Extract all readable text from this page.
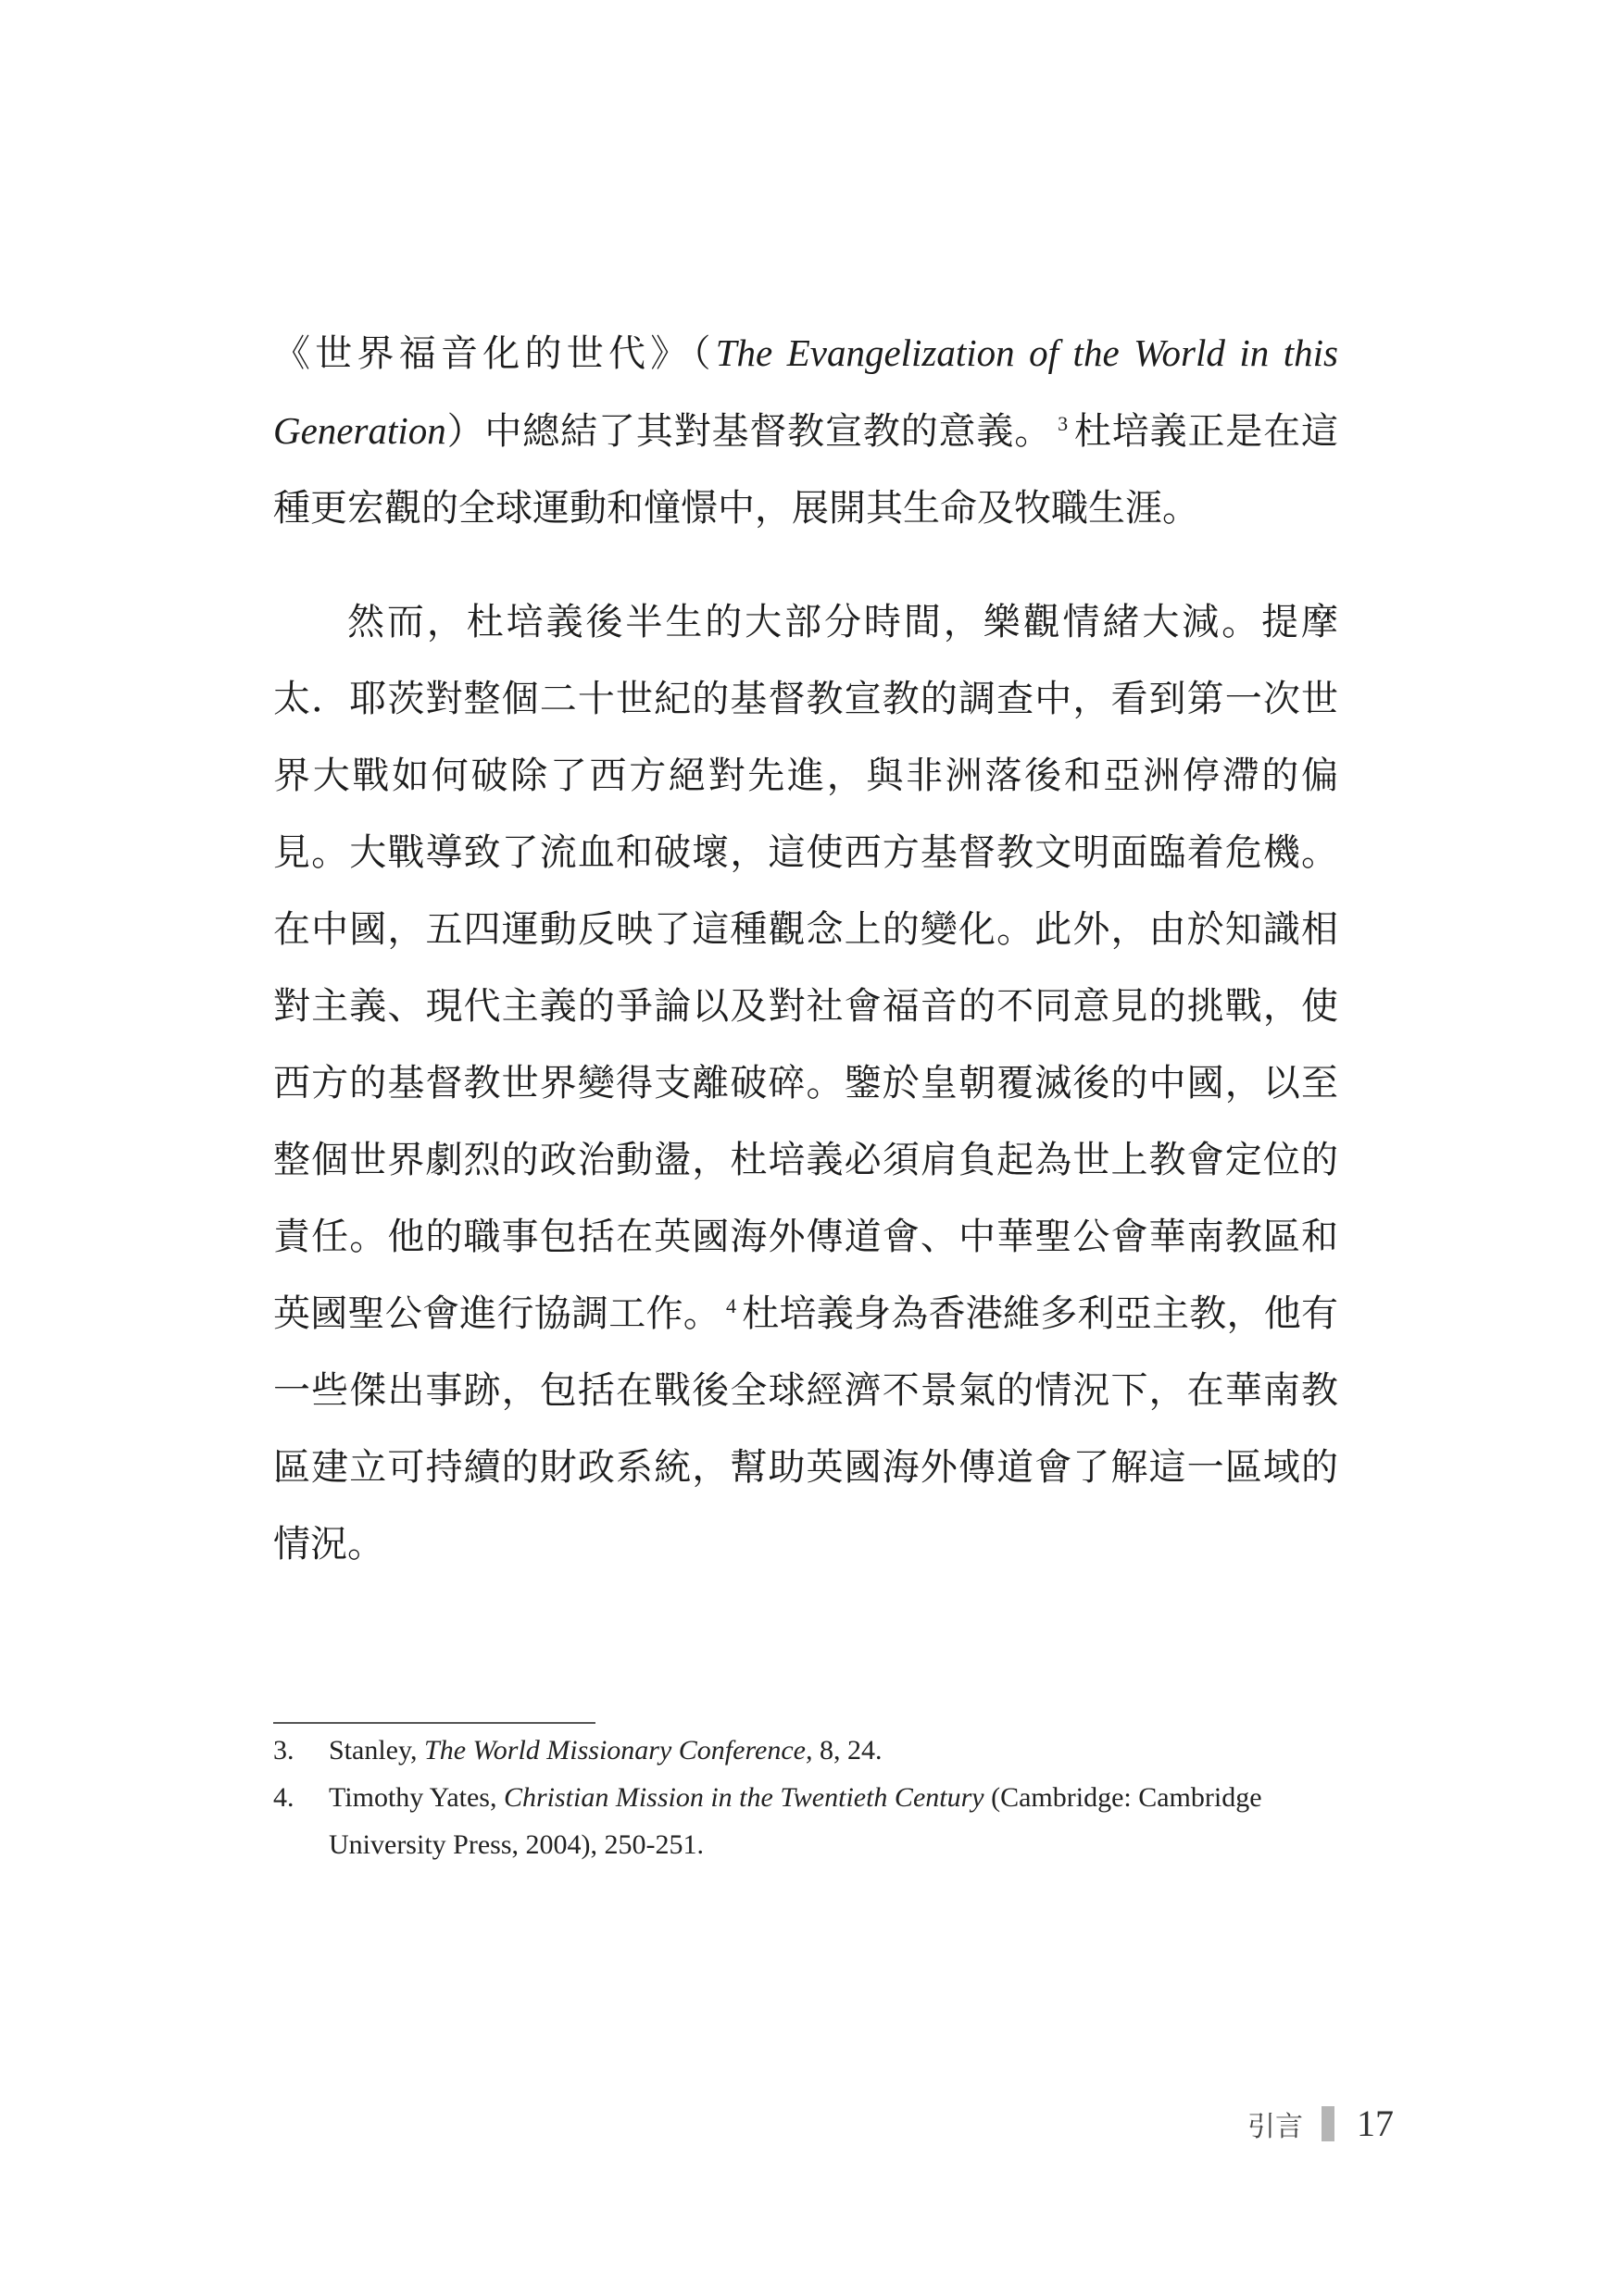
《世界福音化的世代》（The Evangelization of the World in this Generation）中總結了其對基督教宣教的意義。 $^3$ 杜培義正是在這種更宏觀的全球運動和憧憬中，展開其生命及牧職生涯。

然而，杜培義後半生的大部分時間，樂觀情緒大減。提摩太．耶茨對整個二十世紀的基督教宣教的調查中，看到第一次世界大戰如何破除了西方絕對先進，與非洲落後和亞洲停滯的偏見。大戰導致了流血和破壞，這使西方基督教文明面臨着危機。在中國，五四運動反映了這種觀念上的變化。此外，由於知識相對主義、現代主義的爭論以及對社會福音的不同意見的挑戰，使西方的基督教世界變得支離破碎。鑒於皇朝覆滅後的中國，以至整個世界劇烈的政治動盪，杜培義必須肩負起為世上教會定位的責任。他的職事包括在英國海外傳道會、中華聖公會華南教區和英國聖公會進行協調工作。 $^4$ 杜培義身為香港維多利亞主教，他有一些傑出事跡，包括在戰後全球經濟不景氣的情況下，在華南教區建立可持續的財政系統，幫助英國海外傳道會了解這一區域的情況。

3. Stanley, The World Missionary Conference, 8, 24.

4. Timothy Yates, Christian Mission in the Twentieth Century (Cambridge: Cambridge University Press, 2004), 250-251.

引言 17
